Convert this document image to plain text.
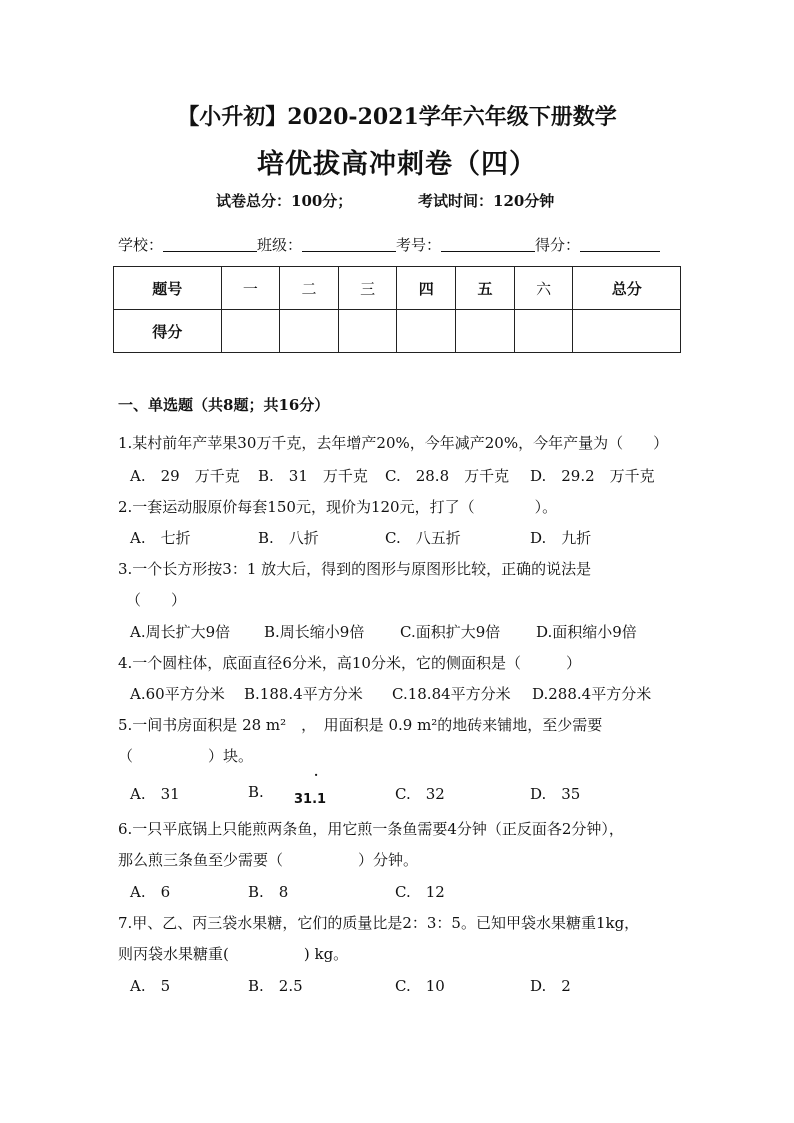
【小升初】2020-2021学年六年级下册数学
培优拔高冲刺卷（四）
试卷总分：100分；	考试时间：120分钟
学校：	班级：	考号：	得分：
题号	一	二	三	四	五	六	总分
得分							
一、单选题（共8题；共16分）
1.某村前年产苹果30万千克，去年增产20%，今年减产20%，今年产量为（　　）
A.　29　万千克 B.　31　万千克 C.　28.8　万千克 D.　29.2　万千克
2.一套运动服原价每套150元，现价为120元，打了（　　　　）。
A.　七折	B.　八折	C.　八五折	D.　九折
3.一个长方形按3：1 放大后，得到的图形与原图形比较，正确的说法是
（　　）
A.周长扩大9倍 B.周长缩小9倍 C.面积扩大9倍 D.面积缩小9倍
4.一个圆柱体，底面直径6分米，高10分米，它的侧面积是（　　　）
A.60平方分米 B.188.4平方分米 C.18.84平方分米 D.288.4平方分米
5.一间书房面积是 28 m²　，　用面积是 0.9 m²的地砖来铺地，至少需要
（　　　　　）块。
A.　31	B.
·
31.1	C.　32	D.　35
6.一只平底锅上只能煎两条鱼，用它煎一条鱼需要4分钟（正反面各2分钟），
那么煎三条鱼至少需要（　　　　　）分钟。
A.　6	B.　8	C.　12
7.甲、乙、丙三袋水果糖，它们的质量比是2：3：5。已知甲袋水果糖重1kg，
则丙袋水果糖重(　　　　　) kg。
A.　5	B.　2.5	C.　10	D.　2
